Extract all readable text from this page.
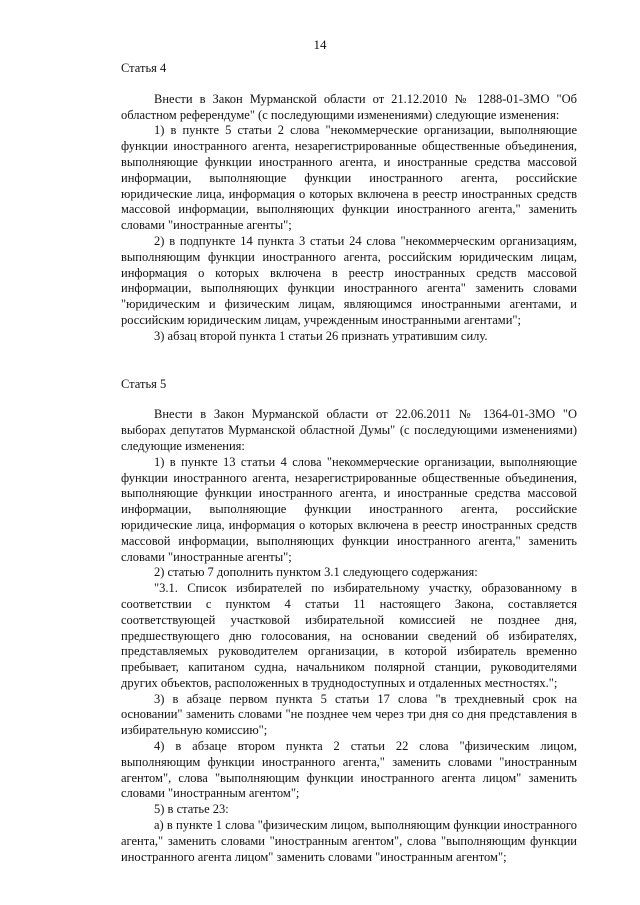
14

Статья 4

Внести в Закон Мурманской области от 21.12.2010 № 1288-01-ЗМО "Об областном референдуме" (с последующими изменениями) следующие изменения:

1) в пункте 5 статьи 2 слова "некоммерческие организации, выполняющие функции иностранного агента, незарегистрированные общественные объединения, выполняющие функции иностранного агента, и иностранные средства массовой информации, выполняющие функции иностранного агента, российские юридические лица, информация о которых включена в реестр иностранных средств массовой информации, выполняющих функции иностранного агента," заменить словами "иностранные агенты";

2) в подпункте 14 пункта 3 статьи 24 слова "некоммерческим организациям, выполняющим функции иностранного агента, российским юридическим лицам, информация о которых включена в реестр иностранных средств массовой информации, выполняющих функции иностранного агента" заменить словами "юридическим и физическим лицам, являющимся иностранными агентами, и российским юридическим лицам, учрежденным иностранными агентами";

3) абзац второй пункта 1 статьи 26 признать утратившим силу.

Статья 5

Внести в Закон Мурманской области от 22.06.2011 № 1364-01-ЗМО "О выборах депутатов Мурманской областной Думы" (с последующими изменениями) следующие изменения:

1) в пункте 13 статьи 4 слова "некоммерческие организации, выполняющие функции иностранного агента, незарегистрированные общественные объединения, выполняющие функции иностранного агента, и иностранные средства массовой информации, выполняющие функции иностранного агента, российские юридические лица, информация о которых включена в реестр иностранных средств массовой информации, выполняющих функции иностранного агента," заменить словами "иностранные агенты";

2) статью 7 дополнить пунктом 3.1 следующего содержания:

"3.1. Список избирателей по избирательному участку, образованному в соответствии с пунктом 4 статьи 11 настоящего Закона, составляется соответствующей участковой избирательной комиссией не позднее дня, предшествующего дню голосования, на основании сведений об избирателях, представляемых руководителем организации, в которой избиратель временно пребывает, капитаном судна, начальником полярной станции, руководителями других объектов, расположенных в труднодоступных и отдаленных местностях.";

3) в абзаце первом пункта 5 статьи 17 слова "в трехдневный срок на основании" заменить словами "не позднее чем через три дня со дня представления в избирательную комиссию";

4) в абзаце втором пункта 2 статьи 22 слова "физическим лицом, выполняющим функции иностранного агента," заменить словами "иностранным агентом", слова "выполняющим функции иностранного агента лицом" заменить словами "иностранным агентом";

5) в статье 23:

а) в пункте 1 слова "физическим лицом, выполняющим функции иностранного агента," заменить словами "иностранным агентом", слова "выполняющим функции иностранного агента лицом" заменить словами "иностранным агентом";
